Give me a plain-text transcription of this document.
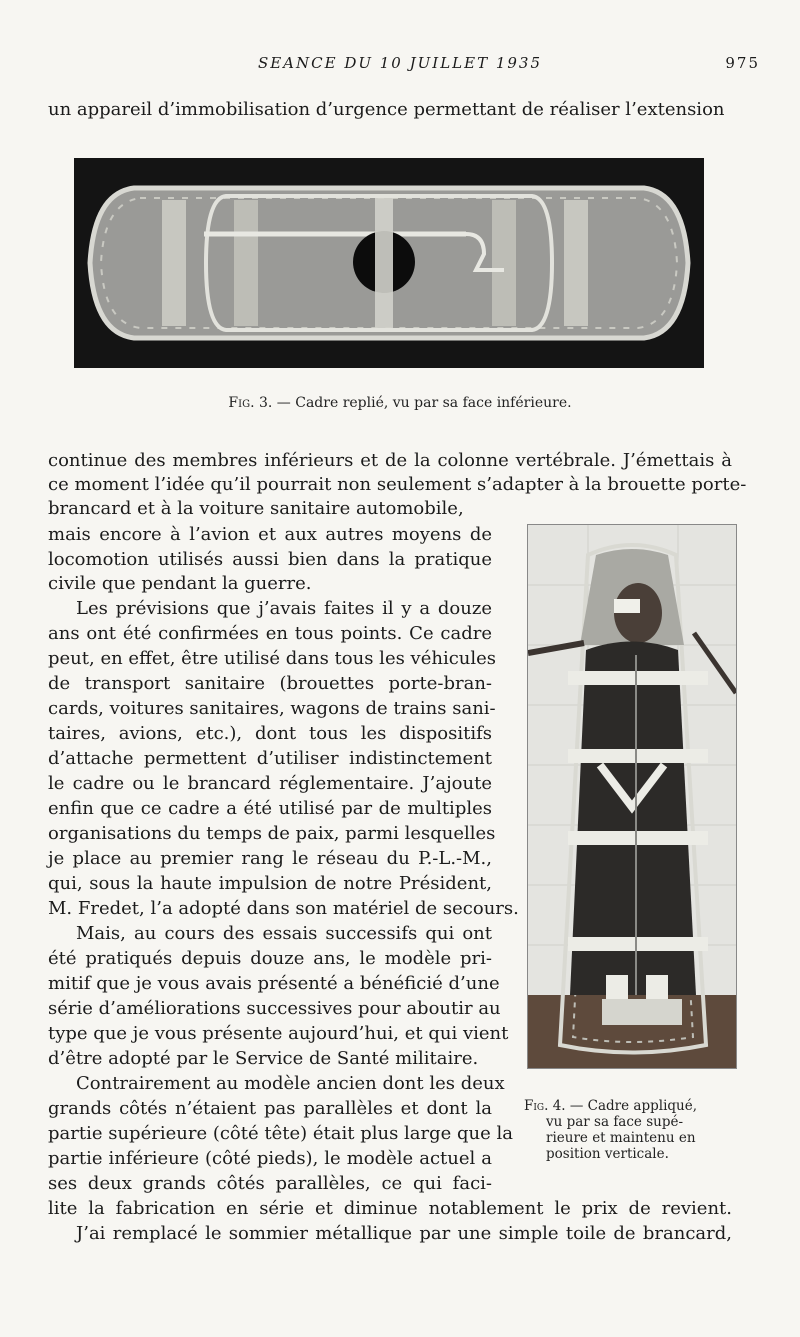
SEANCE DU 10 JUILLET 1935	975
un appareil d’immobilisation d’urgence permettant de réaliser l’extension
Fig. 3. — Cadre replié, vu par sa face inférieure.
continue des membres inférieurs et de la colonne vertébrale. J’émettais à
ce moment l’idée qu’il pourrait non seulement s’adapter à la brouette porte-
brancard et à la voiture sanitaire automobile,
mais encore à l’avion et aux autres moyens de
locomotion utilisés aussi bien dans la pratique
civile que pendant la guerre.
Les prévisions que j’avais faites il y a douze
ans ont été confirmées en tous points. Ce cadre
peut, en effet, être utilisé dans tous les véhicules
de transport sanitaire (brouettes porte-bran-
cards, voitures sanitaires, wagons de trains sani-
taires, avions, etc.), dont tous les dispositifs
d’attache permettent d’utiliser indistinctement
le cadre ou le brancard réglementaire. J’ajoute
enfin que ce cadre a été utilisé par de multiples
organisations du temps de paix, parmi lesquelles
je place au premier rang le réseau du P.-L.-M.,
qui, sous la haute impulsion de notre Président,
M. Fredet, l’a adopté dans son matériel de secours.
Mais, au cours des essais successifs qui ont
été pratiqués depuis douze ans, le modèle pri-
mitif que je vous avais présenté a bénéficié d’une
série d’améliorations successives pour aboutir au
type que je vous présente aujourd’hui, et qui vient
d’être adopté par le Service de Santé militaire.
Contrairement au modèle ancien dont les deux
grands côtés n’étaient pas parallèles et dont la
partie supérieure (côté tête) était plus large que la
partie inférieure (côté pieds), le modèle actuel a
ses deux grands côtés parallèles, ce qui faci-
lite la fabrication en série et diminue notablement le prix de revient.
J’ai remplacé le sommier métallique par une simple toile de brancard,
Fig. 4. — Cadre appliqué,
vu par sa face supé-
rieure et maintenu en
position verticale.
